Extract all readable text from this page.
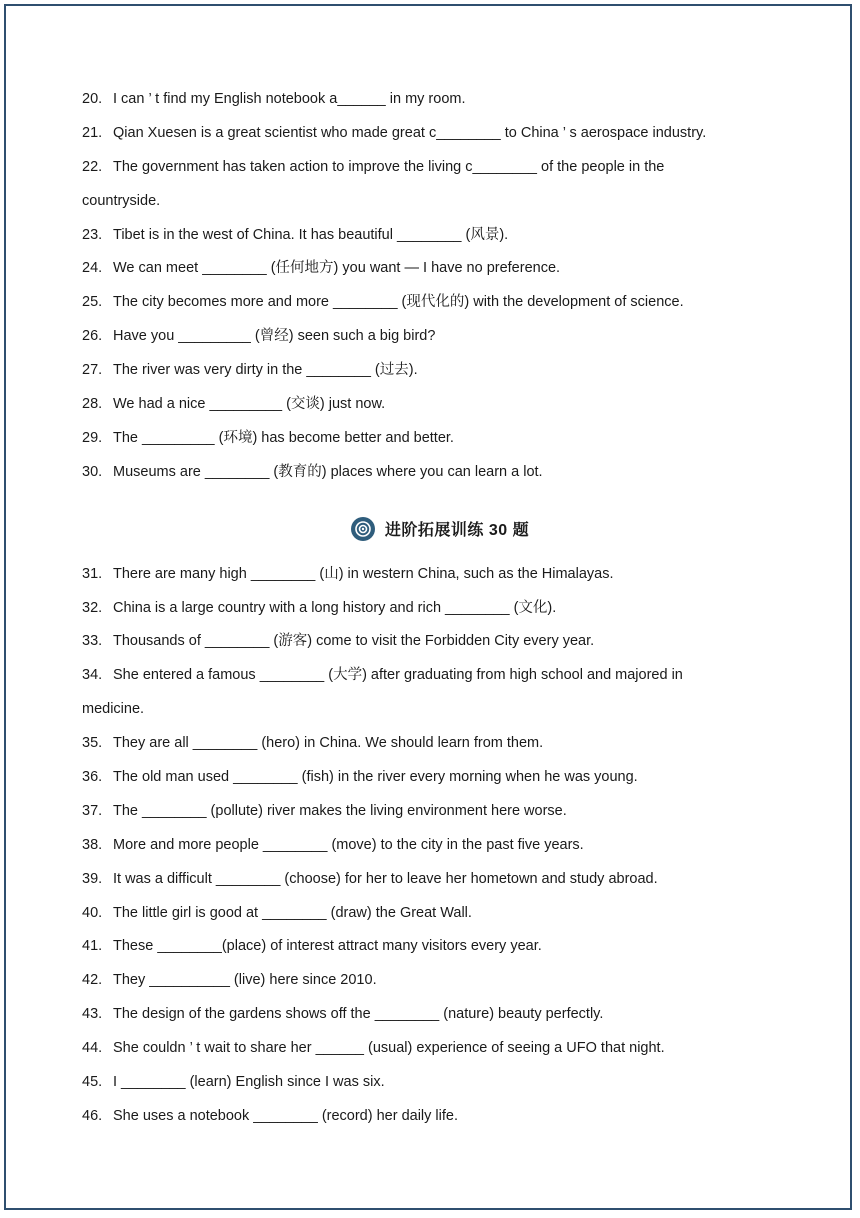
20. I can ’ t find my English notebook a______ in my room.
21. Qian Xuesen is a great scientist who made great c________ to China ’ s aerospace industry.
22. The government has taken action to improve the living c________ of the people in the
countryside.
23. Tibet is in the west of China. It has beautiful ________ (风景).
24. We can meet ________ (任何地方) you want — I have no preference.
25. The city becomes more and more ________ (现代化的) with the development of science.
26. Have you _________ (曾经) seen such a big bird?
27. The river was very dirty in the ________ (过去).
28. We had a nice _________ (交谈) just now.
29. The _________ (环境) has become better and better.
30. Museums are ________ (教育的) places where you can learn a lot.
进阶拓展训练 30 题
31. There are many high ________ (山) in western China, such as the Himalayas.
32. China is a large country with a long history and rich ________ (文化).
33. Thousands of ________ (游客) come to visit the Forbidden City every year.
34. She entered a famous ________ (大学) after graduating from high school and majored in
medicine.
35. They are all ________ (hero) in China. We should learn from them.
36. The old man used ________ (fish) in the river every morning when he was young.
37. The ________ (pollute) river makes the living environment here worse.
38. More and more people ________ (move) to the city in the past five years.
39. It was a difficult ________ (choose) for her to leave her hometown and study abroad.
40. The little girl is good at ________ (draw) the Great Wall.
41. These ________(place) of interest attract many visitors every year.
42. They __________ (live) here since 2010.
43. The design of the gardens shows off the ________ (nature) beauty perfectly.
44. She couldn ’ t wait to share her ______ (usual) experience of seeing a UFO that night.
45. I ________ (learn) English since I was six.
46. She uses a notebook ________ (record) her daily life.
